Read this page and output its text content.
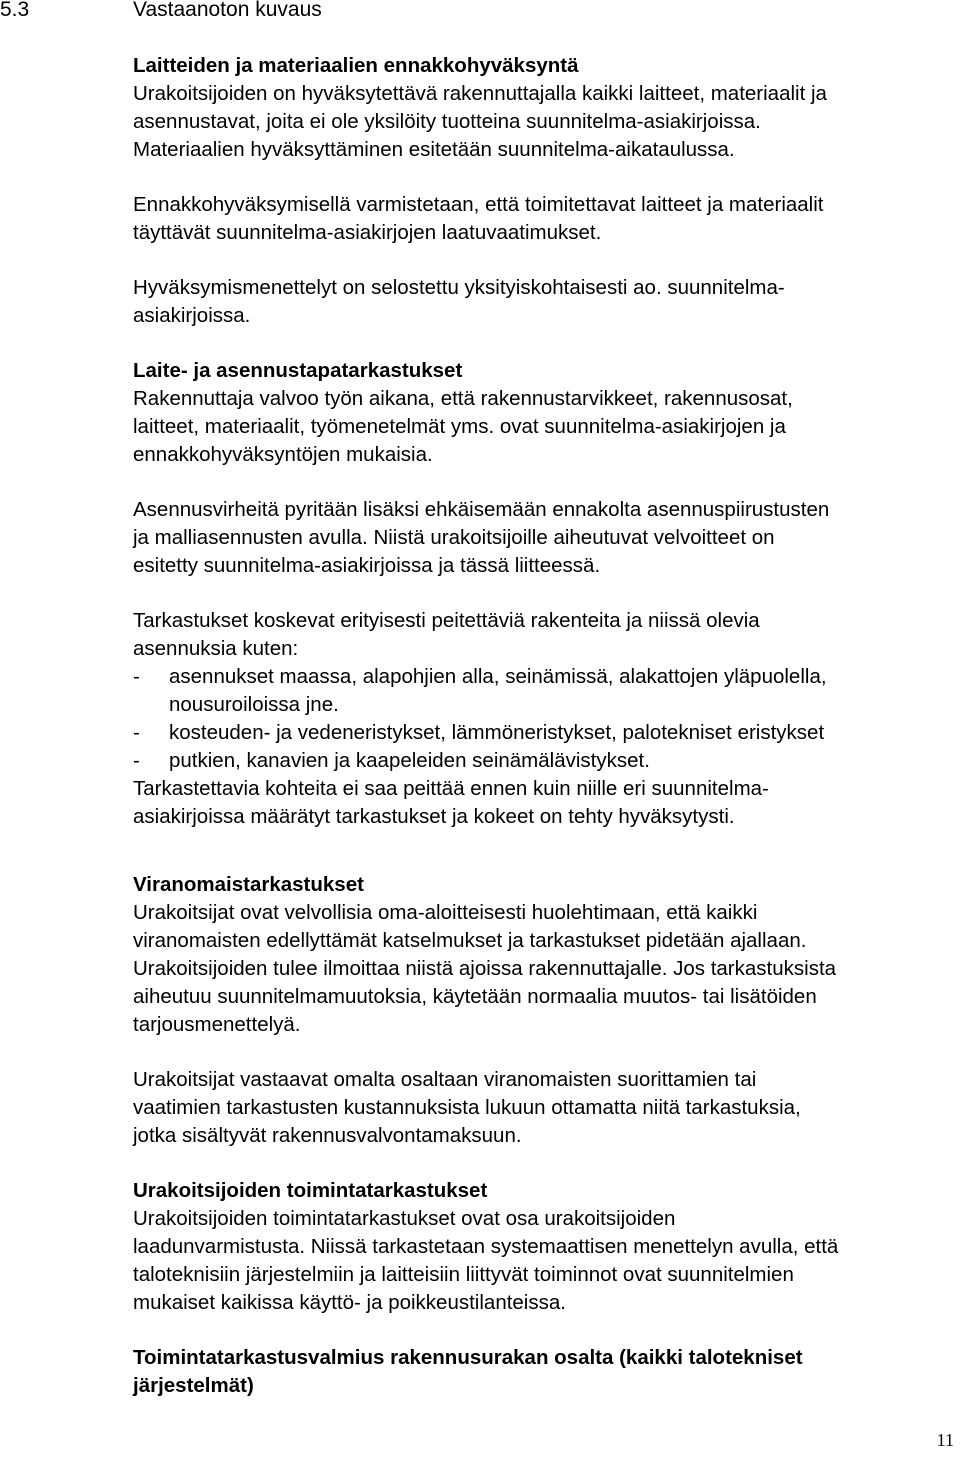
5.3	Vastaanoton kuvaus
Laitteiden ja materiaalien ennakkohyväksyntä
Urakoitsijoiden on hyväksytettävä rakennuttajalla kaikki laitteet, materiaalit ja
asennustavat, joita ei ole yksilöity tuotteina suunnitelma-asiakirjoissa.
Materiaalien hyväksyttäminen esitetään suunnitelma-aikataulussa.
Ennakkohyväksymisellä varmistetaan, että toimitettavat laitteet ja materiaalit
täyttävät suunnitelma-asiakirjojen laatuvaatimukset.
Hyväksymismenettelyt on selostettu yksityiskohtaisesti ao. suunnitelma-
asiakirjoissa.
Laite- ja asennustapatarkastukset
Rakennuttaja valvoo työn aikana, että rakennustarvikkeet, rakennusosat,
laitteet, materiaalit, työmenetelmät yms. ovat suunnitelma-asiakirjojen ja
ennakkohyväksyntöjen mukaisia.
Asennusvirheitä pyritään lisäksi ehkäisemään ennakolta asennuspiirustusten
ja malliasennusten avulla. Niistä urakoitsijoille aiheutuvat velvoitteet on
esitetty suunnitelma-asiakirjoissa ja tässä liitteessä.
Tarkastukset koskevat erityisesti peitettäviä rakenteita ja niissä olevia
asennuksia kuten:
- asennukset maassa, alapohjien alla, seinämissä, alakattojen yläpuolella,
nousuroiloissa jne.
- kosteuden- ja vedeneristykset, lämmöneristykset, palotekniset eristykset
- putkien, kanavien ja kaapeleiden seinämälävistykset.
Tarkastettavia kohteita ei saa peittää ennen kuin niille eri suunnitelma-
asiakirjoissa määrätyt tarkastukset ja kokeet on tehty hyväksytysti.
Viranomaistarkastukset
Urakoitsijat ovat velvollisia oma-aloitteisesti huolehtimaan, että kaikki
viranomaisten edellyttämät katselmukset ja tarkastukset pidetään ajallaan.
Urakoitsijoiden tulee ilmoittaa niistä ajoissa rakennuttajalle. Jos tarkastuksista
aiheutuu suunnitelmamuutoksia, käytetään normaalia muutos- tai lisätöiden
tarjousmenettelyä.
Urakoitsijat vastaavat omalta osaltaan viranomaisten suorittamien tai
vaatimien tarkastusten kustannuksista lukuun ottamatta niitä tarkastuksia,
jotka sisältyvät rakennusvalvontamaksuun.
Urakoitsijoiden toimintatarkastukset
Urakoitsijoiden toimintatarkastukset ovat osa urakoitsijoiden
laadunvarmistusta. Niissä tarkastetaan systemaattisen menettelyn avulla, että
taloteknisiin järjestelmiin ja laitteisiin liittyvät toiminnot ovat suunnitelmien
mukaiset kaikissa käyttö- ja poikkeustilanteissa.
Toimintatarkastusvalmius rakennusurakan osalta (kaikki talotekniset
järjestelmät)
11
